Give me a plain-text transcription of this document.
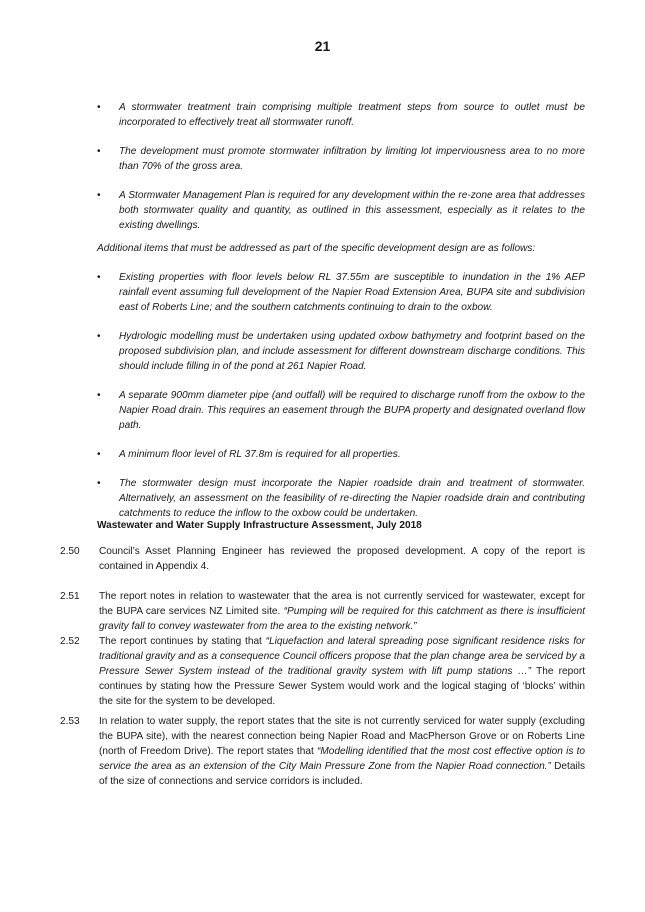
21
• A stormwater treatment train comprising multiple treatment steps from source to outlet must be incorporated to effectively treat all stormwater runoff.
• The development must promote stormwater infiltration by limiting lot imperviousness area to no more than 70% of the gross area.
• A Stormwater Management Plan is required for any development within the re-zone area that addresses both stormwater quality and quantity, as outlined in this assessment, especially as it relates to the existing dwellings.
Additional items that must be addressed as part of the specific development design are as follows:
• Existing properties with floor levels below RL 37.55m are susceptible to inundation in the 1% AEP rainfall event assuming full development of the Napier Road Extension Area, BUPA site and subdivision east of Roberts Line; and the southern catchments continuing to drain to the oxbow.
• Hydrologic modelling must be undertaken using updated oxbow bathymetry and footprint based on the proposed subdivision plan, and include assessment for different downstream discharge conditions. This should include filling in of the pond at 261 Napier Road.
• A separate 900mm diameter pipe (and outfall) will be required to discharge runoff from the oxbow to the Napier Road drain. This requires an easement through the BUPA property and designated overland flow path.
• A minimum floor level of RL 37.8m is required for all properties.
• The stormwater design must incorporate the Napier roadside drain and treatment of stormwater. Alternatively, an assessment on the feasibility of re-directing the Napier roadside drain and contributing catchments to reduce the inflow to the oxbow could be undertaken.
Wastewater and Water Supply Infrastructure Assessment, July 2018
2.50	Council’s Asset Planning Engineer has reviewed the proposed development. A copy of the report is contained in Appendix 4.
2.51	The report notes in relation to wastewater that the area is not currently serviced for wastewater, except for the BUPA care services NZ Limited site. “Pumping will be required for this catchment as there is insufficient gravity fall to convey wastewater from the area to the existing network.”
2.52	The report continues by stating that “Liquefaction and lateral spreading pose significant residence risks for traditional gravity and as a consequence Council officers propose that the plan change area be serviced by a Pressure Sewer System instead of the traditional gravity system with lift pump stations …” The report continues by stating how the Pressure Sewer System would work and the logical staging of ‘blocks’ within the site for the system to be developed.
2.53	In relation to water supply, the report states that the site is not currently serviced for water supply (excluding the BUPA site), with the nearest connection being Napier Road and MacPherson Grove or on Roberts Line (north of Freedom Drive). The report states that “Modelling identified that the most cost effective option is to service the area as an extension of the City Main Pressure Zone from the Napier Road connection.” Details of the size of connections and service corridors is included.
